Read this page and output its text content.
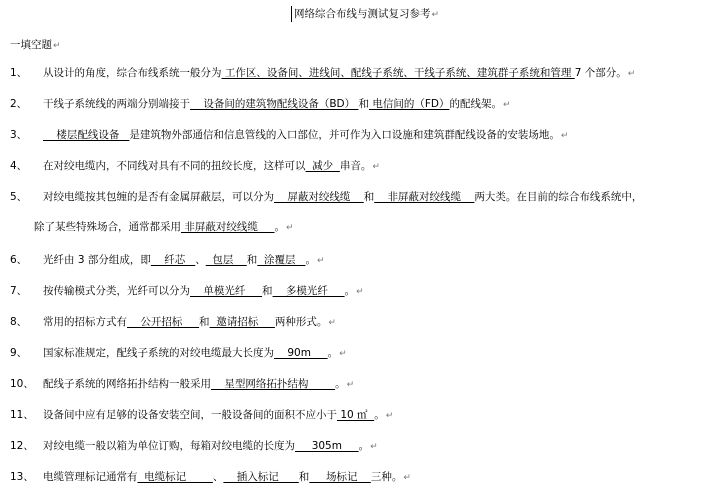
网络综合布线与测试复习参考↵
一填空题↵
1、 从设计的角度，综合布线系统一般分为 工作区、设备间、进线间、配线子系统、干线子系统、建筑群子系统和管理 7 个部分。↵
2、 干线子系统线的两端分别端接于    设备间的建筑物配线设备（BD） 和 电信间的（FD）的配线架。↵
3、    楼层配线设备   是建筑物外部通信和信息管线的入口部位，并可作为入口设施和建筑群配线设备的安装场地。↵
4、 在对绞电缆内，不同线对具有不同的扭绞长度，这样可以  减少  串音。↵
5、 对绞电缆按其包缠的是否有金属屏蔽层，可以分为    屏蔽对绞线缆    和    非屏蔽对绞线缆    两大类。在目前的综合布线系统中，
除了某些特殊场合，通常都采用 非屏蔽对绞线缆     。↵
6、 光纤由 3 部分组成，即    纤芯   、  包层    和  涂覆层   。↵
7、 按传输模式分类，光纤可以分为    单模光纤     和    多模光纤     。↵
8、 常用的招标方式有    公开招标     和  邀请招标     两种形式。↵
9、 国家标准规定，配线子系统的对绞电缆最大长度为    90m     。↵
10、 配线子系统的网络拓扑结构一般采用    星型网络拓扑结构        。↵
11、 设备间中应有足够的设备安装空间，一般设备间的面积不应小于 10 ㎡  。↵
12、 对绞电缆一般以箱为单位订购，每箱对绞电缆的长度为     305m     。↵
13、 电缆管理标记通常有  电缆标记        、    插入标记      和     场标记    三种。↵
